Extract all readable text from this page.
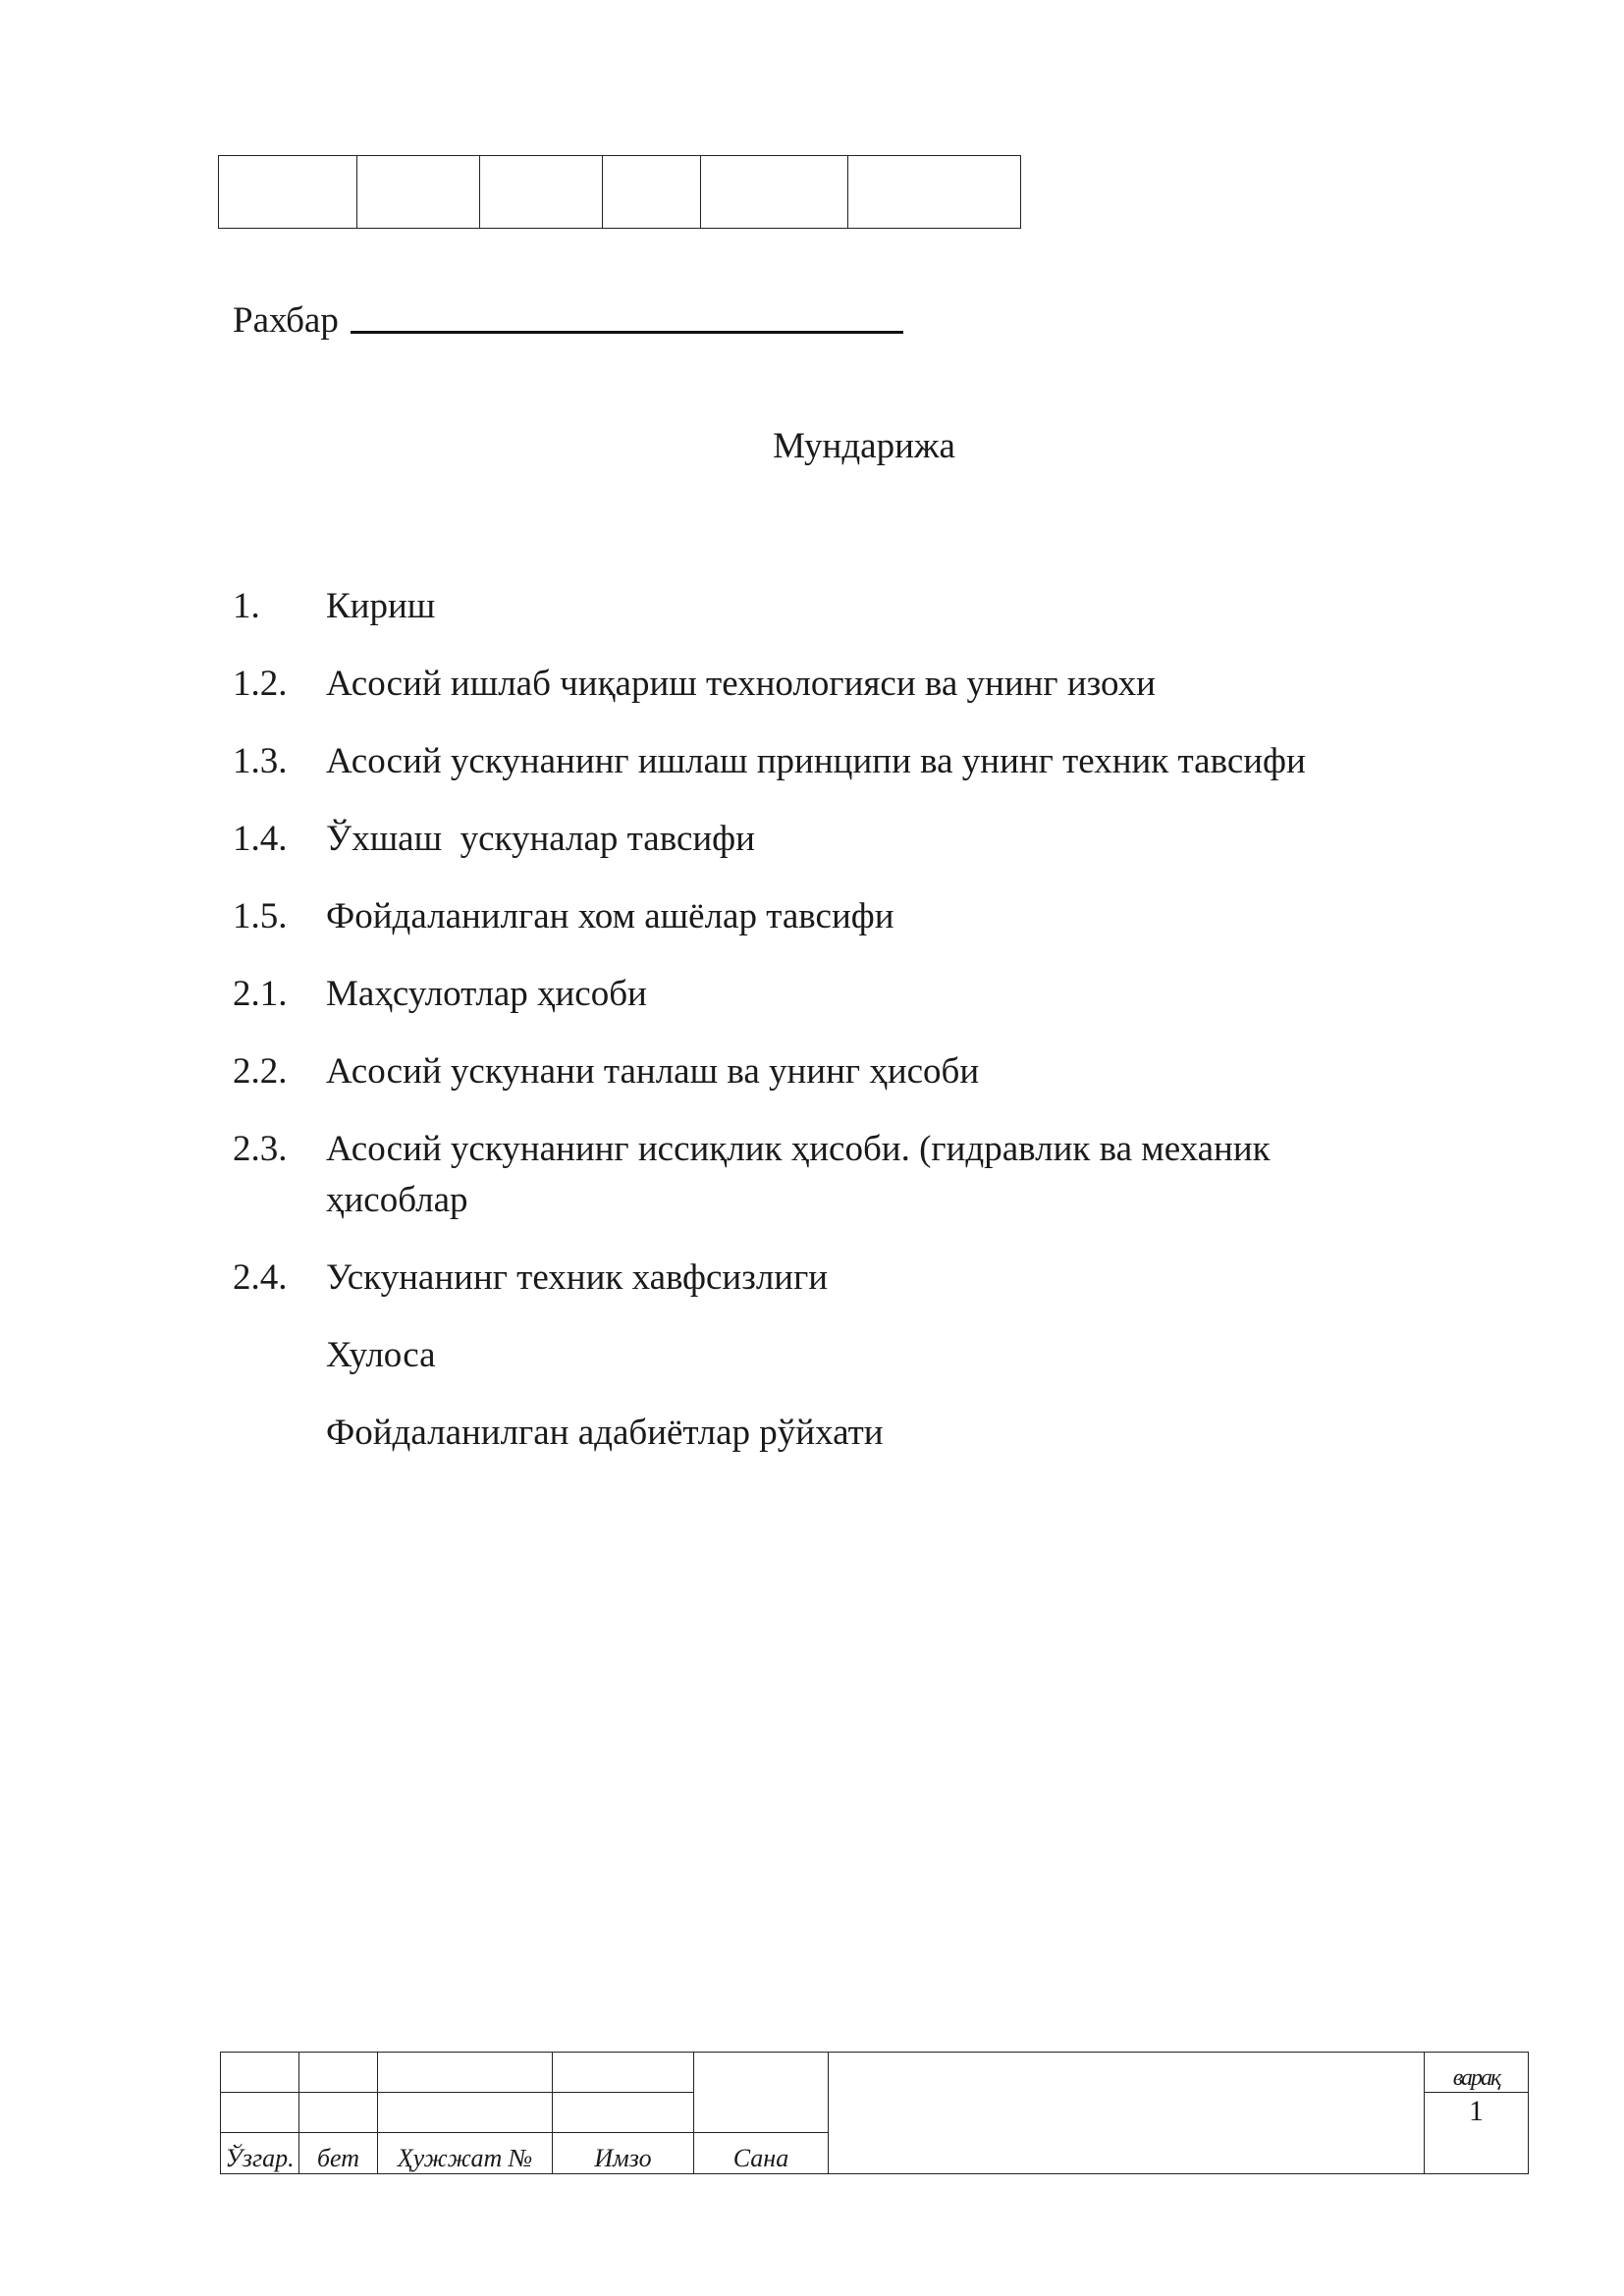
Рахбар
Мундарижа
1.	Кириш
1.2.	Асосий ишлаб чиқариш технологияси ва унинг изохи
1.3.	Асосий ускунанинг ишлаш принципи ва унинг техник тавсифи
1.4.	Ўхшаш  ускуналар тавсифи
1.5.	Фойдаланилган хом ашёлар тавсифи
2.1.	Маҳсулотлар ҳисоби
2.2.	Асосий ускунани танлаш ва унинг ҳисоби
2.3.	Асосий ускунанинг иссиқлик ҳисоби. (гидравлик ва механик ҳисоблар
2.4.	Ускунанинг техник хавфсизлиги
Хулоса
Фойдаланилган адабиётлар рўйхати
						варақ
						1
Ўзгар.	бет	Ҳужжат №	Имзо	Сана		
